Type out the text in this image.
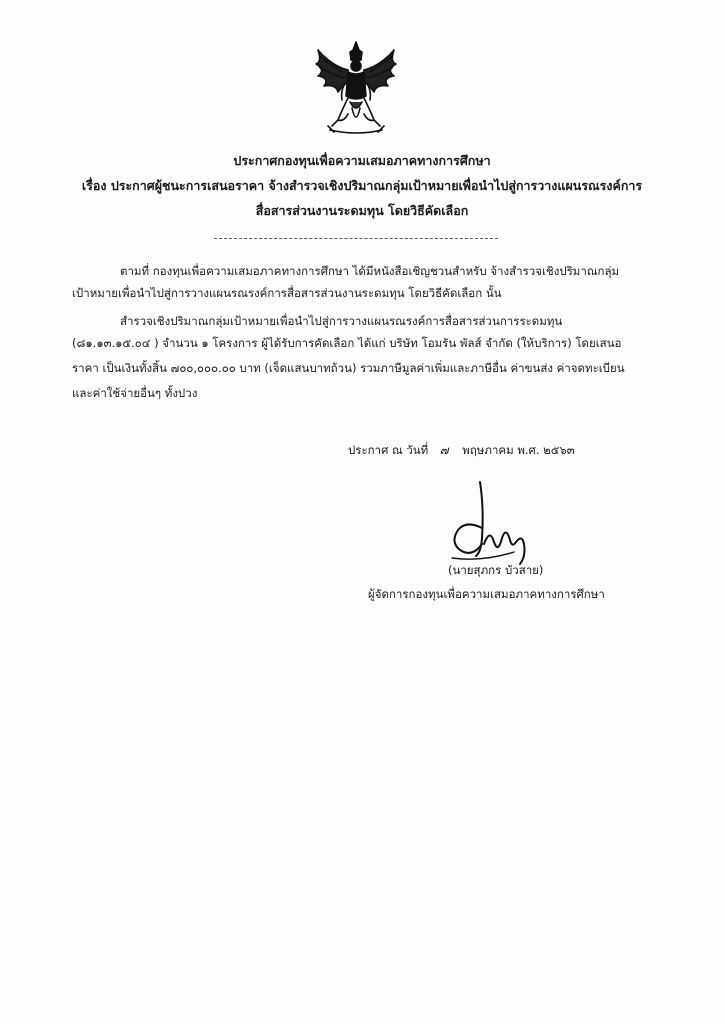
ประกาศกองทุนเพื่อความเสมอภาคทางการศึกษา
เรื่อง ประกาศผู้ชนะการเสนอราคา จ้างสำรวจเชิงปริมาณกลุ่มเป้าหมายเพื่อนำไปสู่การวางแผนรณรงค์การ
สื่อสารส่วนงานระดมทุน โดยวิธีคัดเลือก
ตามที่ กองทุนเพื่อความเสมอภาคทางการศึกษา ได้มีหนังสือเชิญชวนสำหรับ จ้างสำรวจเชิงปริมาณกลุ่ม
เป้าหมายเพื่อนำไปสู่การวางแผนรณรงค์การสื่อสารส่วนงานระดมทุน โดยวิธีคัดเลือก นั้น
สำรวจเชิงปริมาณกลุ่มเป้าหมายเพื่อนำไปสู่การวางแผนรณรงค์การสื่อสารส่วนการระดมทุน
(๘๑.๑๓.๑๕.๐๔ ) จำนวน ๑ โครงการ ผู้ได้รับการคัดเลือก ได้แก่ บริษัท โอมรัน พัลส์ จำกัด (ให้บริการ) โดยเสนอ
ราคา เป็นเงินทั้งสิ้น ๗๐๐,๐๐๐.๐๐ บาท (เจ็ดแสนบาทถ้วน) รวมภาษีมูลค่าเพิ่มและภาษีอื่น ค่าขนส่ง ค่าจดทะเบียน
และค่าใช้จ่ายอื่นๆ ทั้งปวง
ประกาศ ณ วันที่ ๗ พฤษภาคม พ.ศ. ๒๕๖๓
(นายสุภกร บัวสาย)
ผู้จัดการกองทุนเพื่อความเสมอภาคทางการศึกษา
